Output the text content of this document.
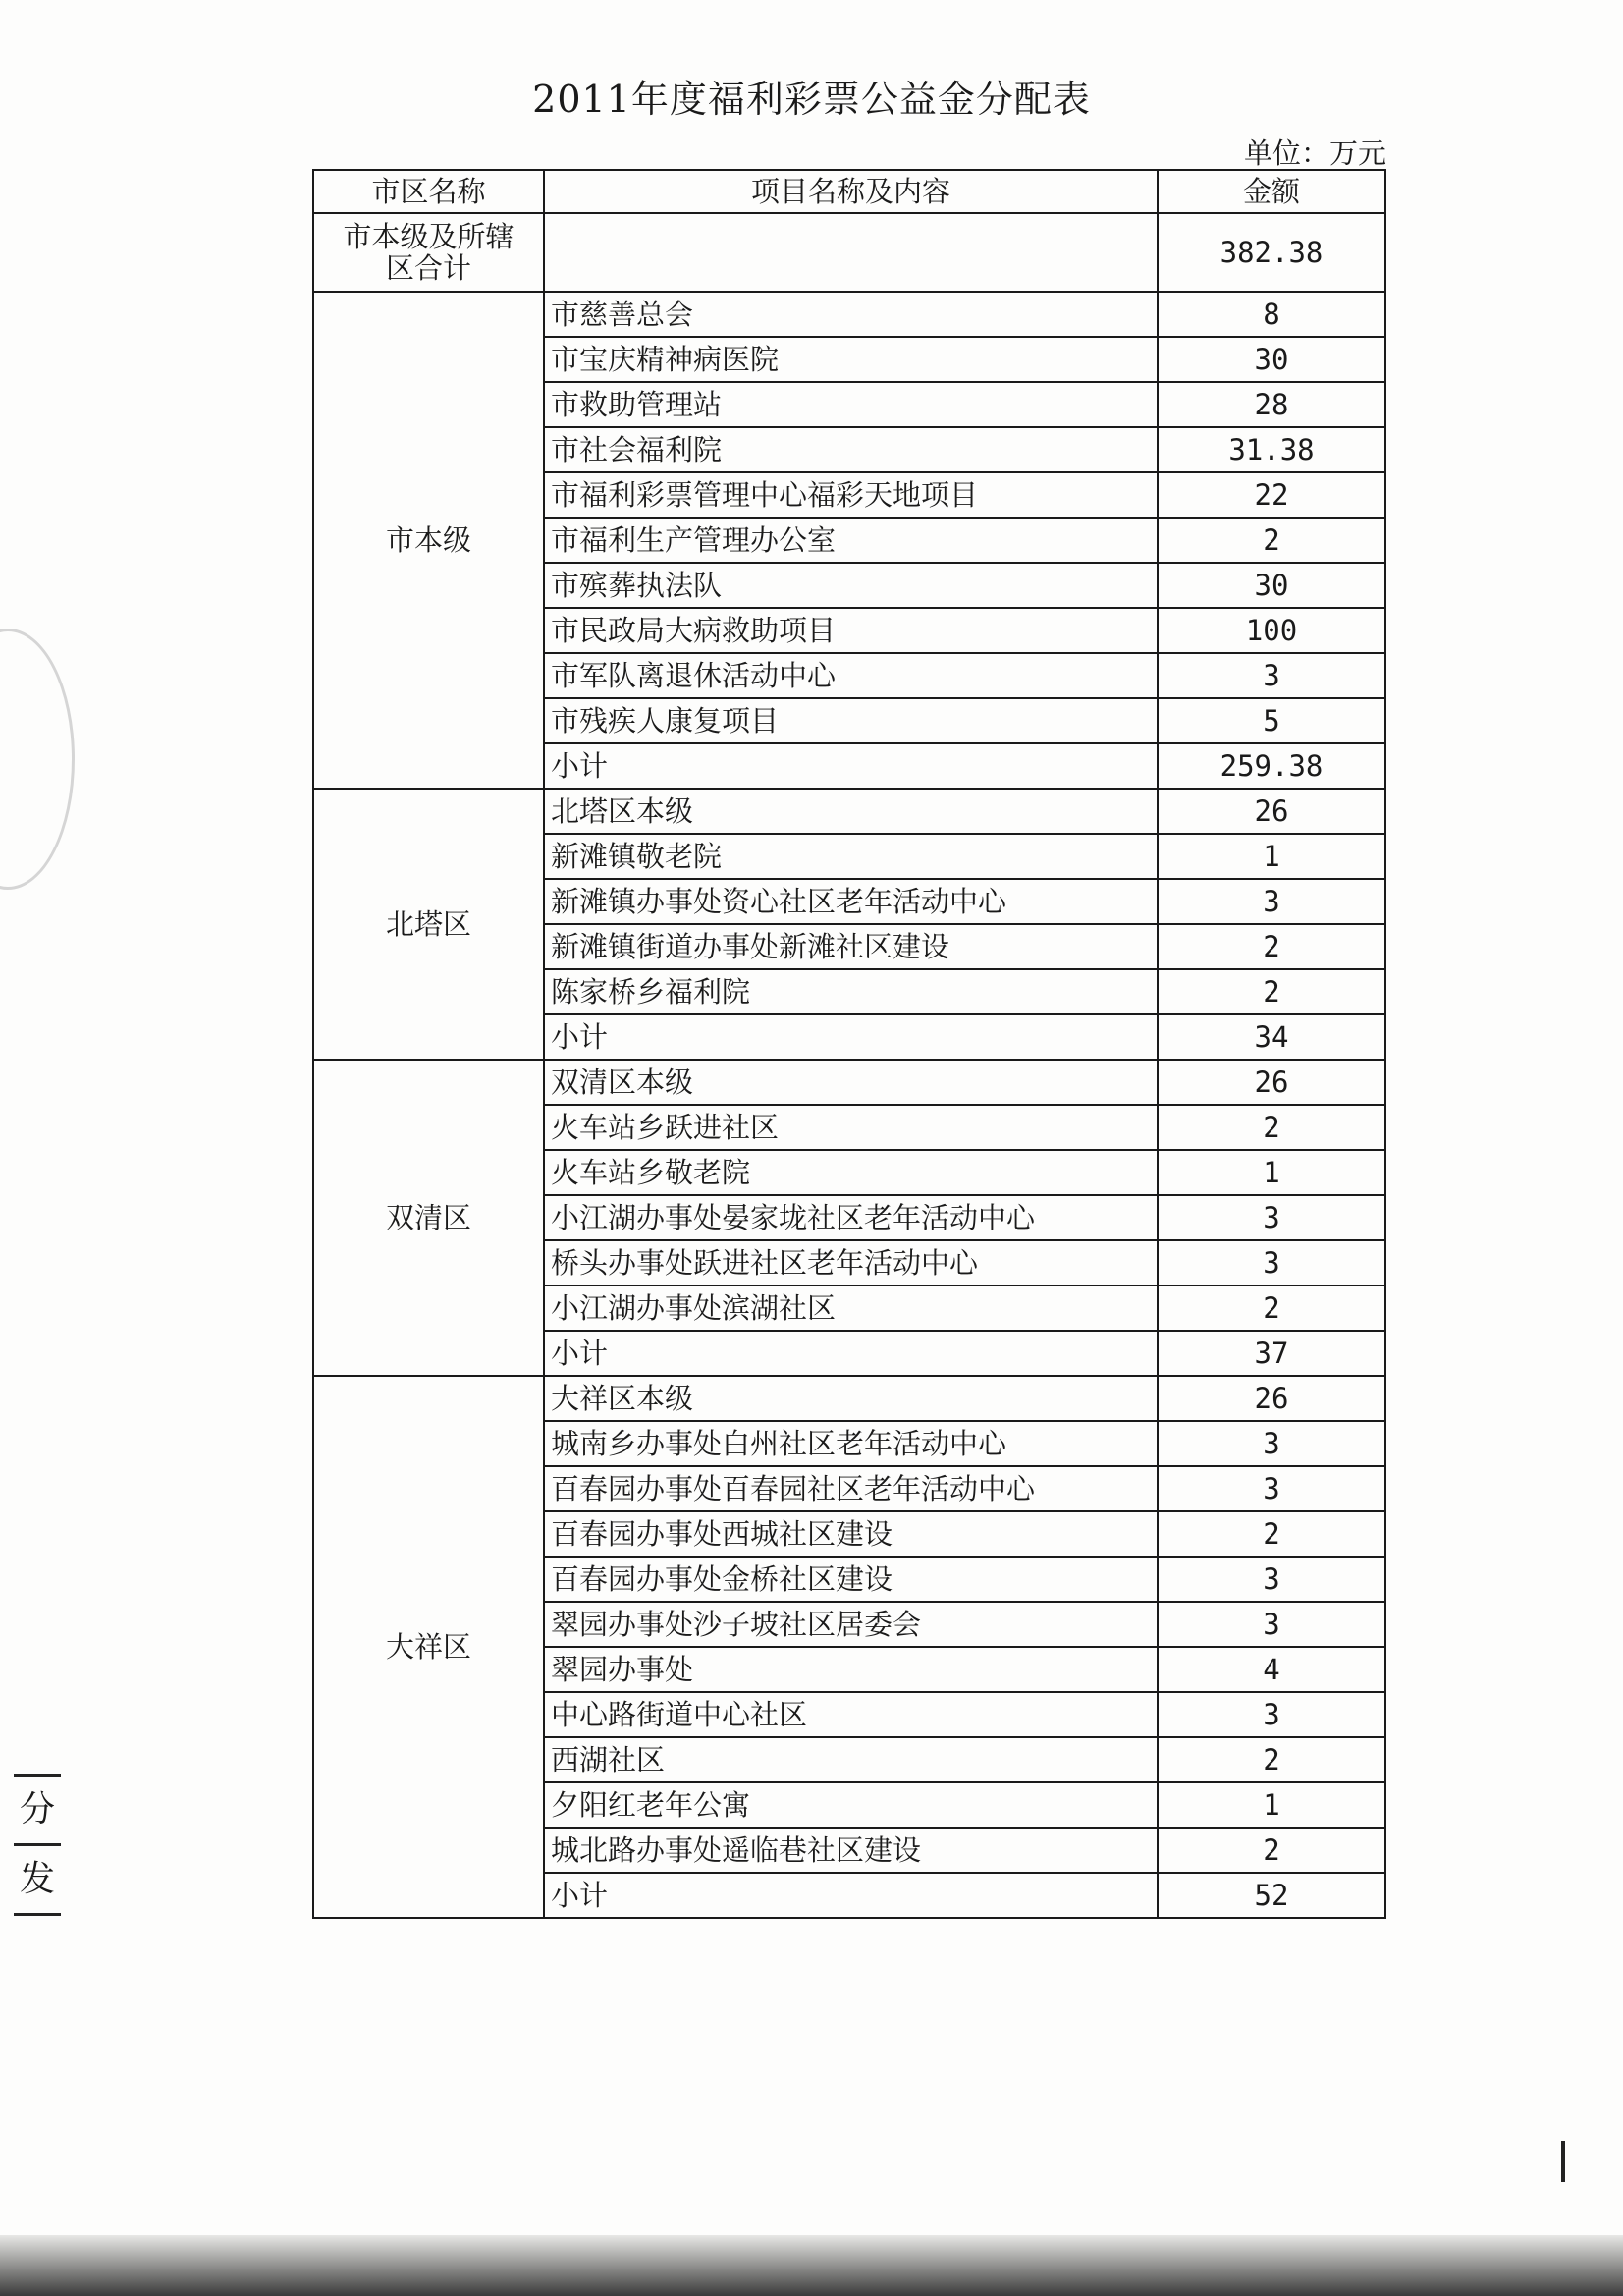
2011年度福利彩票公益金分配表
单位：万元
市区名称	项目名称及内容	金额

市本级及所辖
区合计		382.38
市本级	市慈善总会	8
	市宝庆精神病医院	30
	市救助管理站	28
	市社会福利院	31.38
	市福利彩票管理中心福彩天地项目	22
	市福利生产管理办公室	2
	市殡葬执法队	30
	市民政局大病救助项目	100
	市军队离退休活动中心	3
	市残疾人康复项目	5
	小计	259.38
北塔区	北塔区本级	26
	新滩镇敬老院	1
	新滩镇办事处资心社区老年活动中心	3
	新滩镇街道办事处新滩社区建设	2
	陈家桥乡福利院	2
	小计	34
双清区	双清区本级	26
	火车站乡跃进社区	2
	火车站乡敬老院	1
	小江湖办事处晏家垅社区老年活动中心	3
	桥头办事处跃进社区老年活动中心	3
	小江湖办事处滨湖社区	2
	小计	37
大祥区	大祥区本级	26
	城南乡办事处白州社区老年活动中心	3
	百春园办事处百春园社区老年活动中心	3
	百春园办事处西城社区建设	2
	百春园办事处金桥社区建设	3
	翠园办事处沙子坡社区居委会	3
	翠园办事处	4
	中心路街道中心社区	3
	西湖社区	2
	夕阳红老年公寓	1
	城北路办事处遥临巷社区建设	2
	小计	52
分
发
